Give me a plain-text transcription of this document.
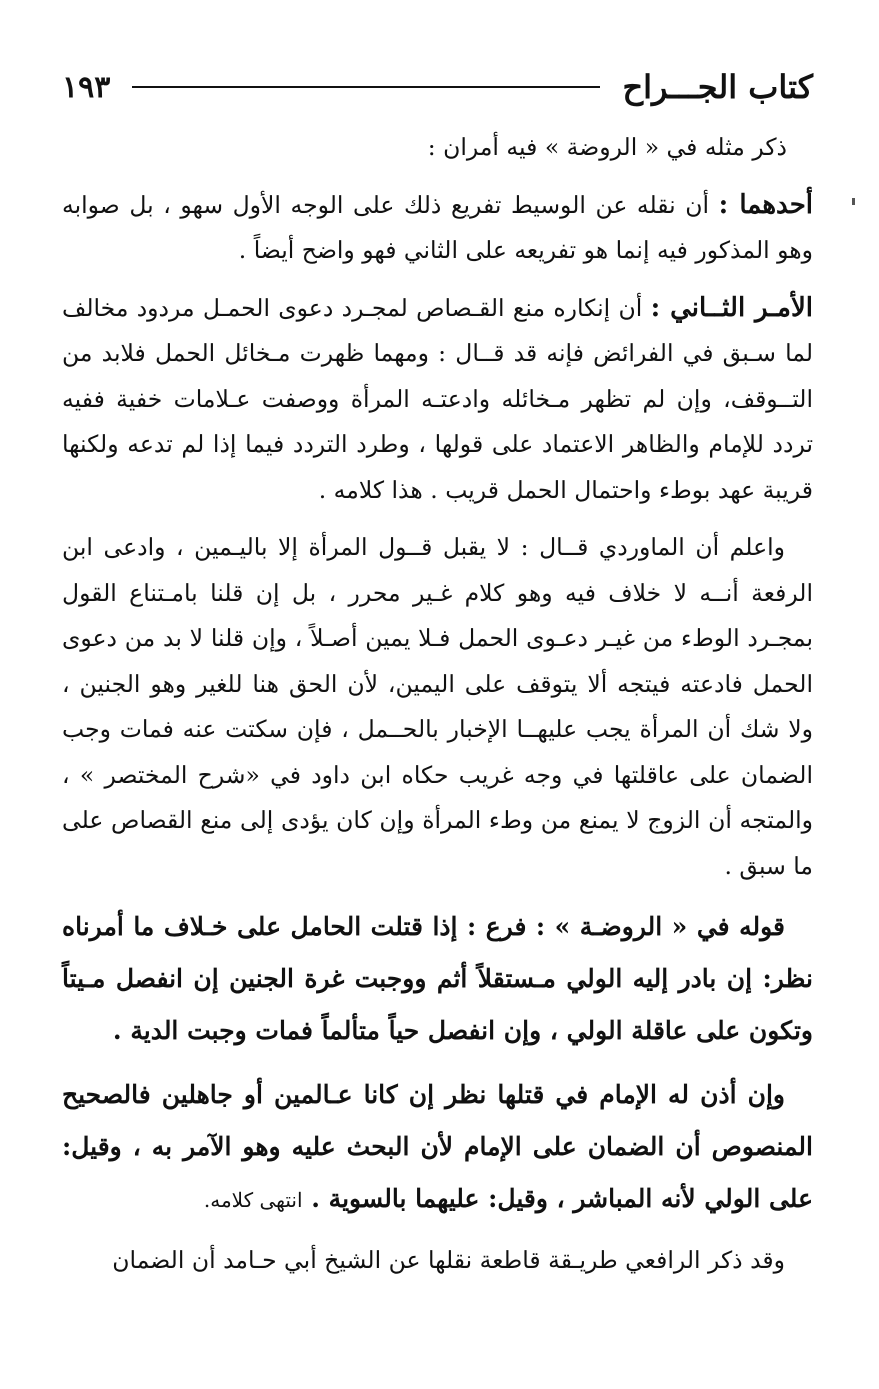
كتاب الجـــراح
١٩٣

ذكر مثله في « الروضة » فيه أمران :

أحدهما : أن نقله عن الوسيط تفريع ذلك على الوجه الأول سهو ، بل صوابه وهو المذكور فيه إنما هو تفريعه على الثاني فهو واضح أيضاً .

الأمـر الثــاني : أن إنكاره منع القـصاص لمجـرد دعوى الحمـل مردود مخالف لما سـبق في الفرائض فإنه قد قــال : ومهما ظهرت مـخائل الحمل فلابد من التــوقف، وإن لم تظهر مـخائله وادعتـه المرأة ووصفت عـلامات خفية ففيه تردد للإمام والظاهر الاعتماد على قولها ، وطرد التردد فيما إذا لم تدعه ولكنها قريبة عهد بوطء واحتمال الحمل قريب . هذا كلامه .

واعلم أن الماوردي قــال : لا يقبل قــول المرأة إلا باليـمين ، وادعى ابن الرفعة أنــه لا خلاف فيه وهو كلام غـير محرر ، بل إن قلنا بامـتناع القول بمجـرد الوطء من غيـر دعـوى الحمل فـلا يمين أصـلاً ، وإن قلنا لا بد من دعوى الحمل فادعته فيتجه ألا يتوقف على اليمين، لأن الحق هنا للغير وهو الجنين ، ولا شك أن المرأة يجب عليهــا الإخبار بالحــمل ، فإن سكتت عنه فمات وجب الضمان على عاقلتها في وجه غريب حكاه ابن داود في «شرح المختصر » ، والمتجه أن الزوج لا يمنع من وطء المرأة وإن كان يؤدى إلى منع القصاص على ما سبق .

قوله في « الروضـة » : فرع : إذا قتلت الحامل على خـلاف ما أمرناه نظر: إن بادر إليه الولي مـستقلاً أثم ووجبت غرة الجنين إن انفصل مـيتاً وتكون على عاقلة الولي ، وإن انفصل حياً متألماً فمات وجبت الدية .

وإن أذن له الإمام في قتلها نظر إن كانا عـالمين أو جاهلين فالصحيح المنصوص أن الضمان على الإمام لأن البحث عليه وهو الآمر به ، وقيل: على الولي لأنه المباشر ، وقيل: عليهما بالسوية . انتهى كلامه.

وقد ذكر الرافعي طريـقة قاطعة نقلها عن الشيخ أبي حـامد أن الضمان
